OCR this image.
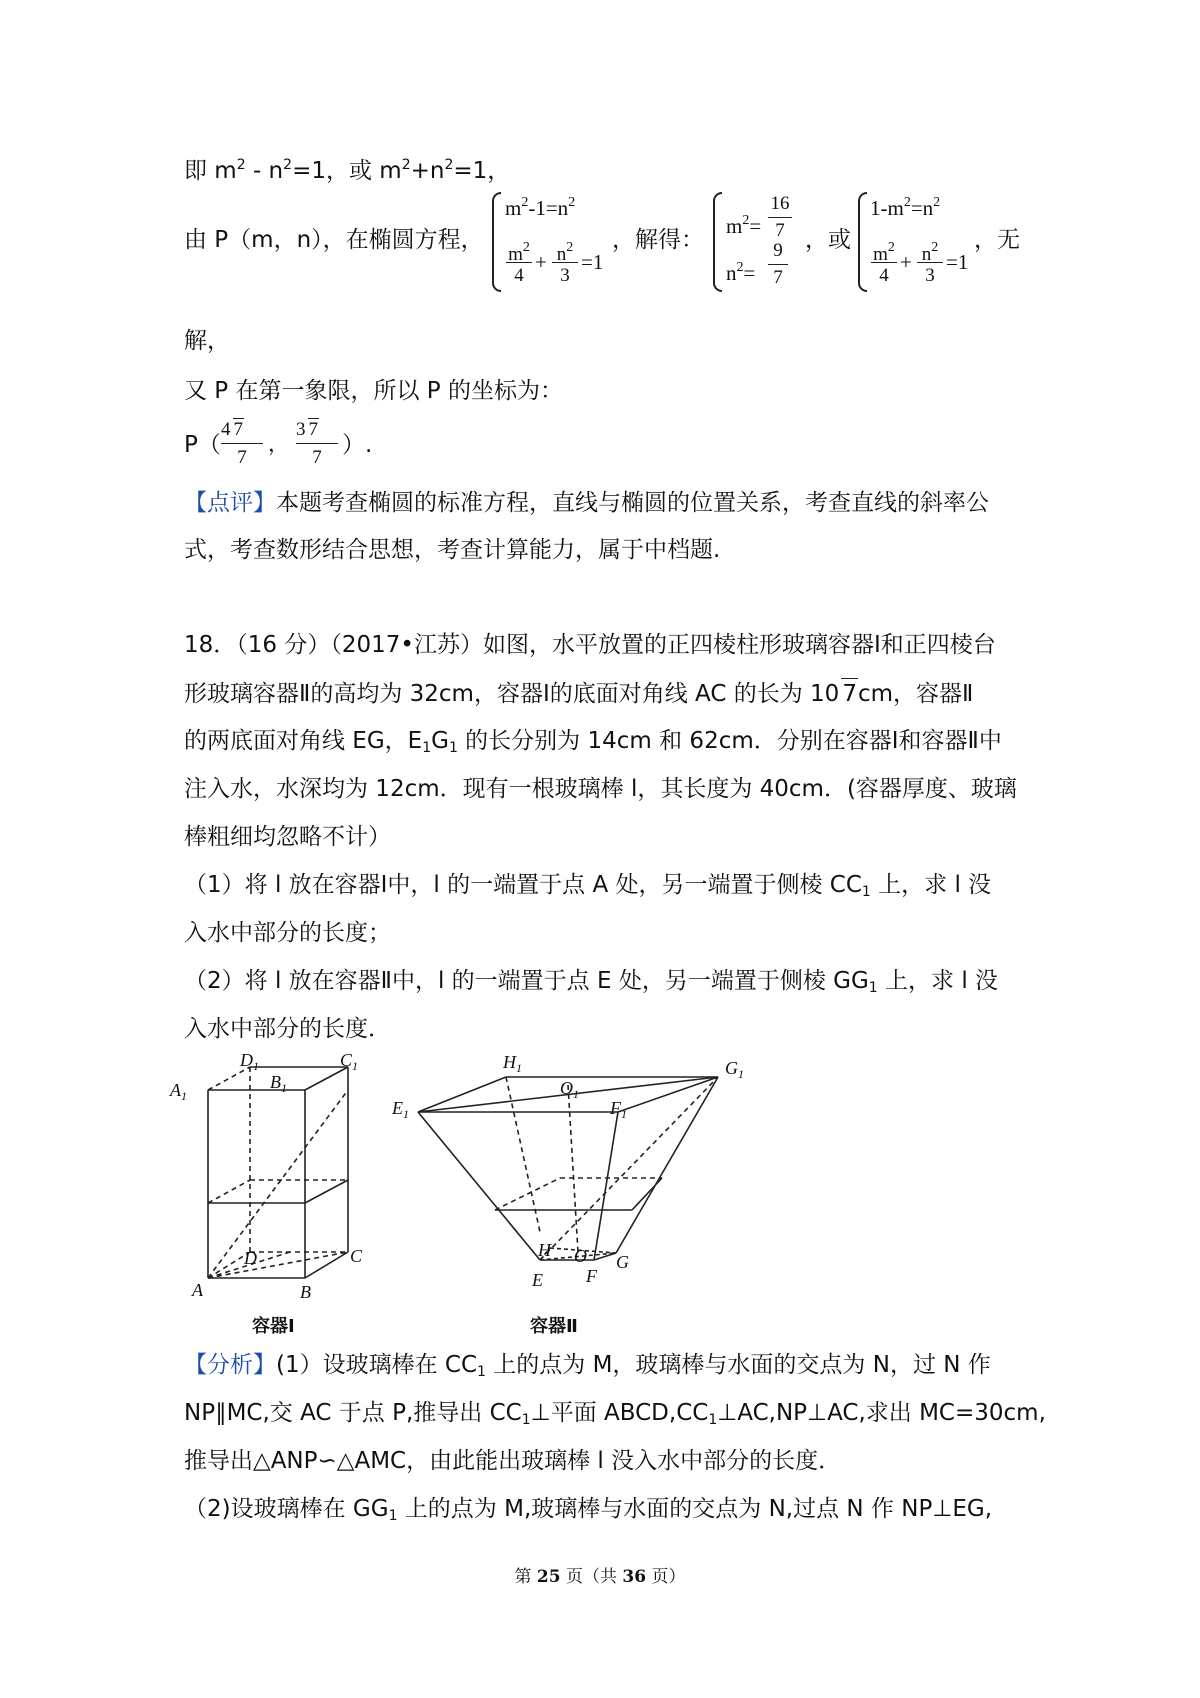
即 $m^2 - n^2=1$，或 $m^2+n^2=1$，
由 P（m，n），在椭圆方程，
$m^2-1=n^2$
$m^2$
4
+ $n^2$
3
=1
，解得：
$m^2=$
16
7
$n^2=$
9
7
，或
$1-m^2=n^2$
$m^2$
4
+ $n^2$
3
=1
，无
解，
又 P 在第一象限，所以 P 的坐标为：
P（
4 7
7
，
3 7
7 ）.
【点评】本题考查椭圆的标准方程，直线与椭圆的位置关系，考查直线的斜率公
式，考查数形结合思想，考查计算能力，属于中档题.
18．（16 分）（2017•江苏）如图，水平放置的正四棱柱形玻璃容器Ⅰ和正四棱台
形玻璃容器Ⅱ的高均为 32cm，容器Ⅰ的底面对角线 AC 的长为 10 7cm，容器Ⅱ
的两底面对角线 EG，$E_1G_1$ 的长分别为 14cm 和 62cm．分别在容器Ⅰ和容器Ⅱ中
注入水，水深均为 12cm．现有一根玻璃棒 l，其长度为 40cm．(容器厚度、玻璃
棒粗细均忽略不计）
（1）将 l 放在容器Ⅰ中，l 的一端置于点 A 处，另一端置于侧棱 $CC_1$ 上，求 l 没
入水中部分的长度；
（2）将 l 放在容器Ⅱ中，l 的一端置于点 E 处，另一端置于侧棱 $GG_1$ 上，求 l 没
入水中部分的长度．
$A_1$
$B_1$
$C_1$
$D_1$
A	B
C
D
容器Ⅰ
$E_1$	$F_1$
$G_1$
$H_1$
$O_1$
E F
G
H O
容器Ⅱ
【分析】(1）设玻璃棒在 $CC_1$ 上的点为 M，玻璃棒与水面的交点为 N，过 N 作
NP∥MC,交 AC 于点 P,推导出 $CC_1\perp$平面 $ABCD,CC_1\perp AC,NP\perp AC$,求出 MC=30cm,
推导出△ANP∽△AMC，由此能出玻璃棒 l 没入水中部分的长度．
（2)设玻璃棒在 $GG_1$ 上的点为 M,玻璃棒与水面的交点为 N,过点 N 作 NP⊥EG,
第 25 页（共 36 页）
